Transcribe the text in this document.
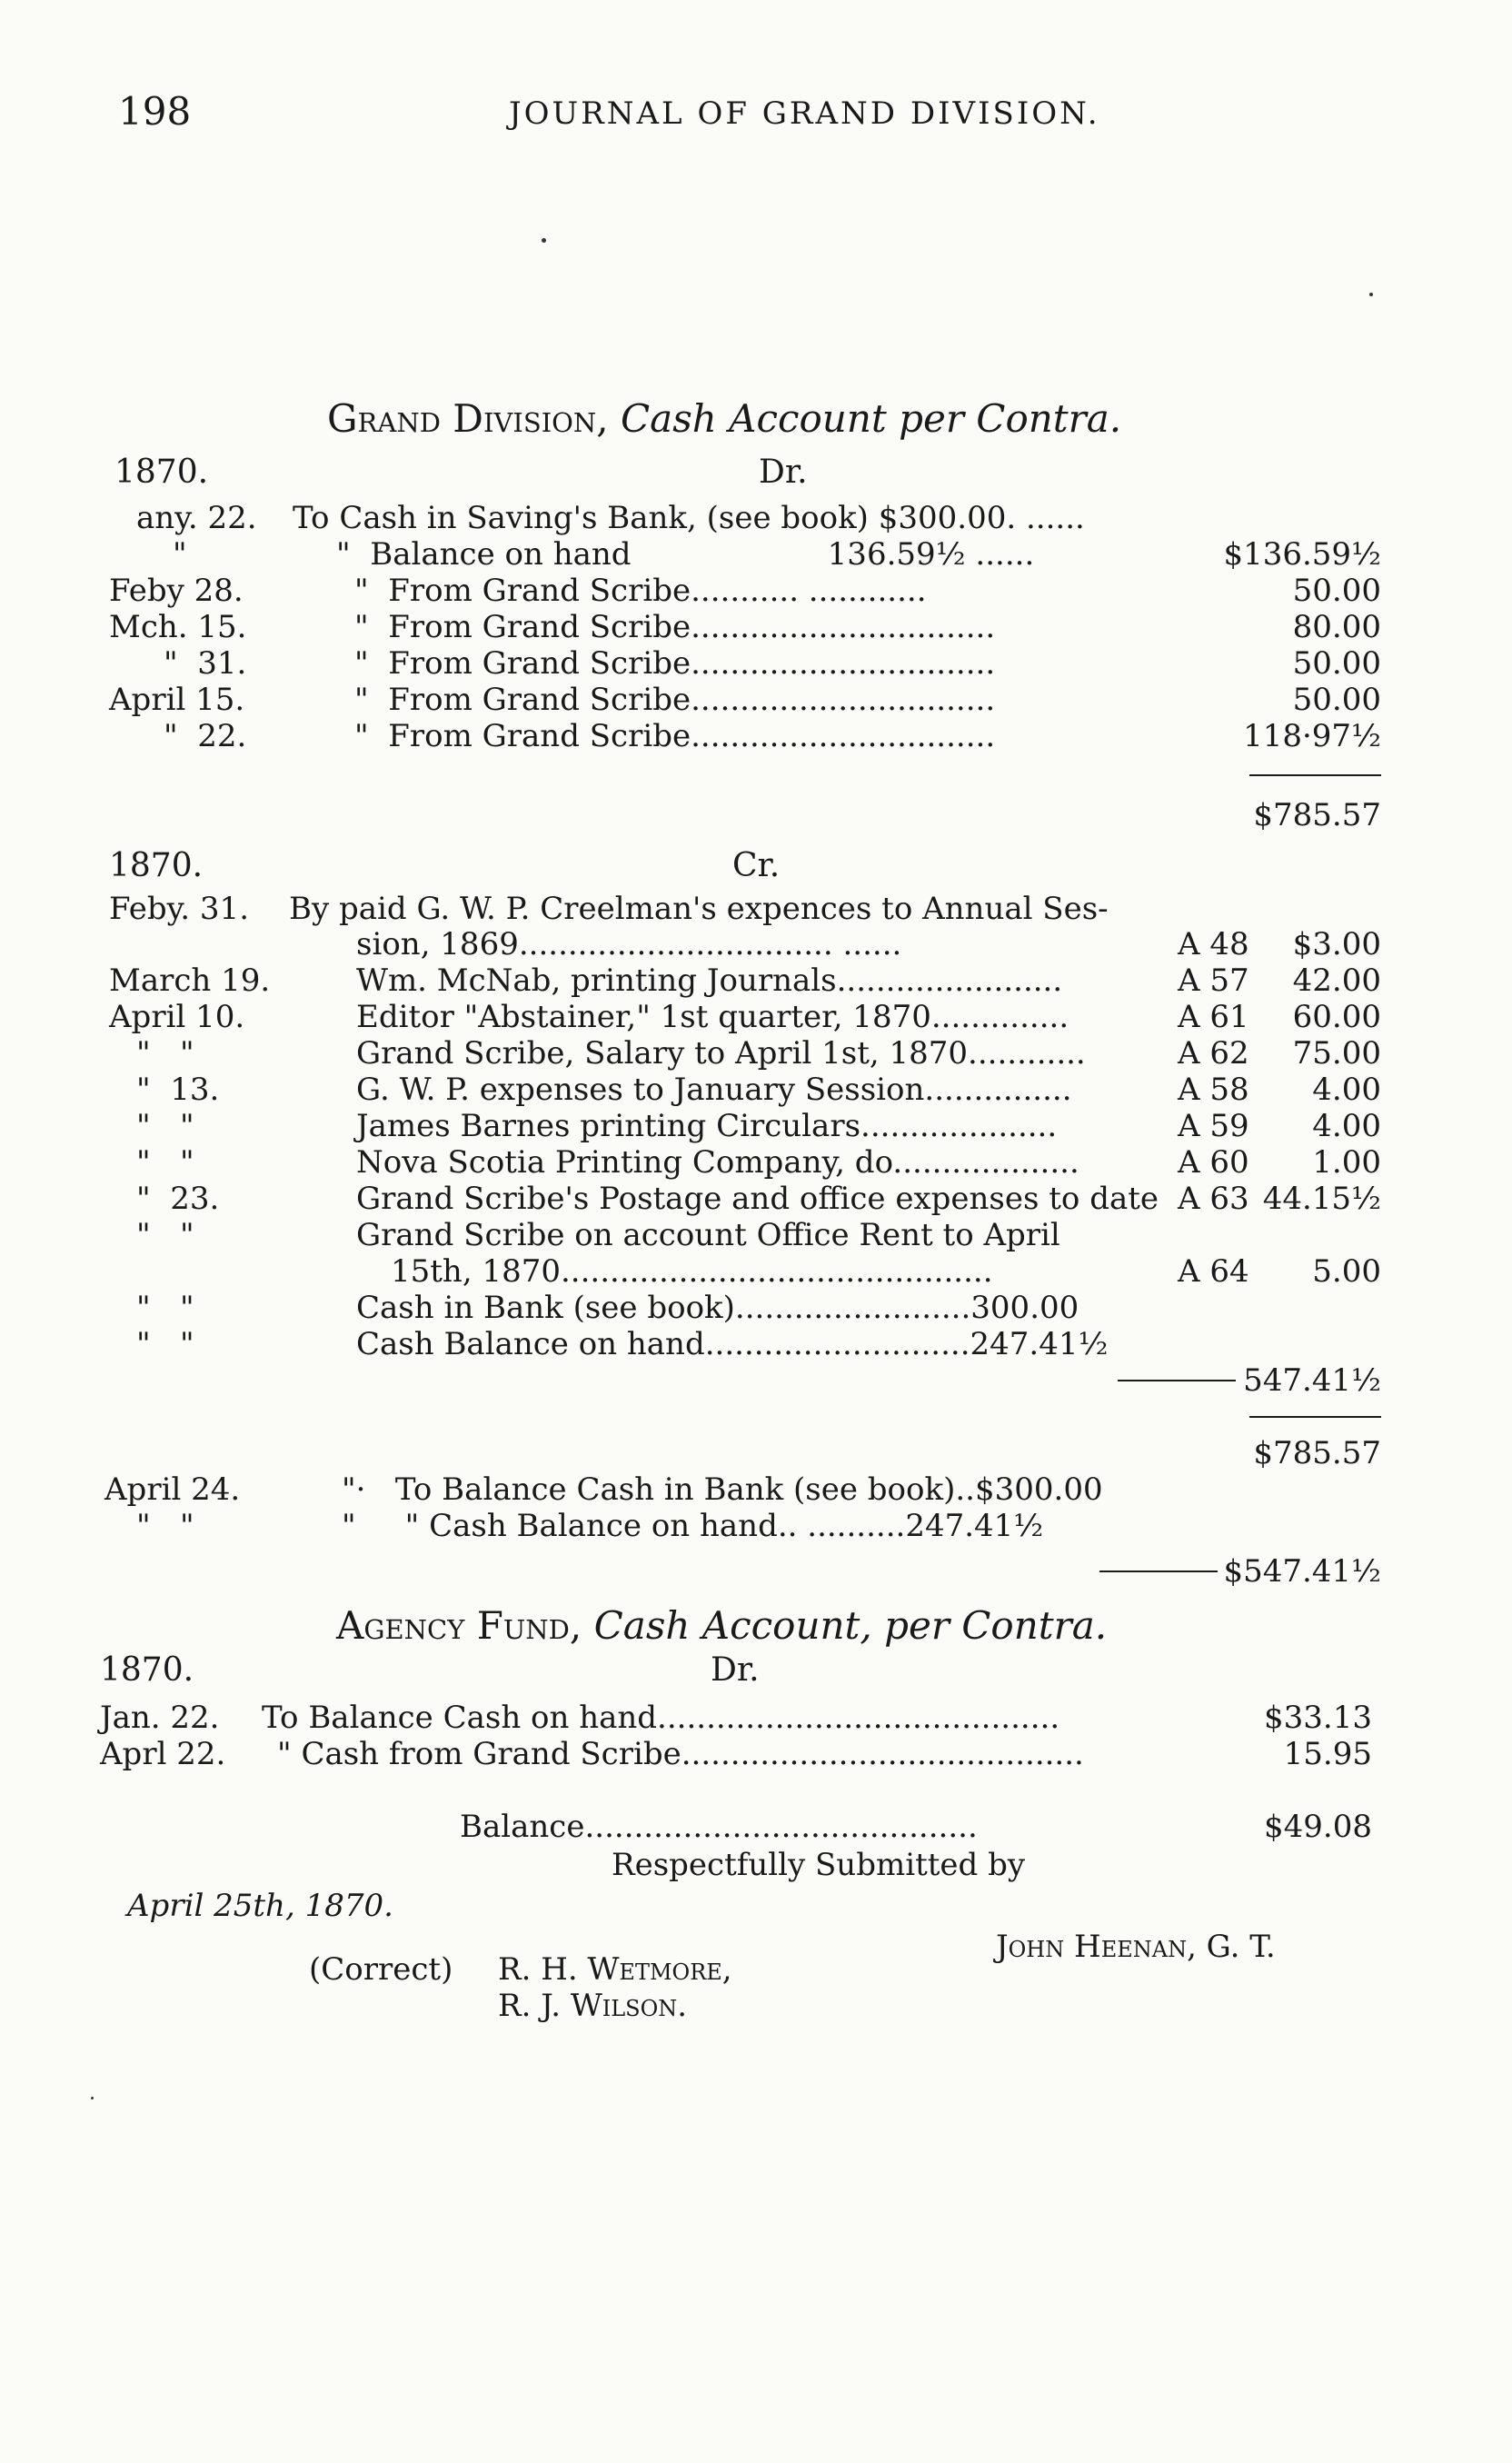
198	JOURNAL OF GRAND DIVISION.
Grand Division, Cash Account per Contra.
1870.	Dr.
any. 22. To Cash in Saving's Bank, (see book) $300.00. ......
"	"  Balance on hand                    136.59½ ......	$136.59½
Feby 28.	"  From Grand Scribe........... ............	50.00
Mch. 15.	"  From Grand Scribe...............................	80.00
"  31.	"  From Grand Scribe...............................	50.00
April 15.	"  From Grand Scribe...............................	50.00
"  22.	"  From Grand Scribe...............................	118·97½
$785.57
1870.	Cr.
Feby. 31. By paid G. W. P. Creelman's expences to Annual Ses-
sion, 1869................................ ......	A 48	$3.00
March 19.	Wm. McNab, printing Journals.......................	A 57	42.00
April 10.	Editor "Abstainer," 1st quarter, 1870..............	A 61	60.00
"   "	Grand Scribe, Salary to April 1st, 1870............	A 62	75.00
"  13.	G. W. P. expenses to January Session...............	A 58	4.00
"   "	James Barnes printing Circulars....................	A 59	4.00
"   "	Nova Scotia Printing Company, do...................	A 60	1.00
"  23.	Grand Scribe's Postage and office expenses to date A 63 44.15½
"   "	Grand Scribe on account Office Rent to April
15th, 1870............................................	A 64	5.00
"   "	Cash in Bank (see book)........................300.00
"   "	Cash Balance on hand...........................247.41½
547.41½
$785.57
April 24.	"·   To Balance Cash in Bank (see book)..$300.00
"   "	"     " Cash Balance on hand.. ..........247.41½
$547.41½
Agency Fund, Cash Account, per Contra.
1870.	Dr.
Jan. 22. To Balance Cash on hand.........................................	$33.13
Aprl 22. " Cash from Grand Scribe.........................................	15.95
Balance........................................	$49.08
Respectfully Submitted by
April 25th, 1870.
John Heenan, G. T.
(Correct) R. H. Wetmore,
R. J. Wilson.
